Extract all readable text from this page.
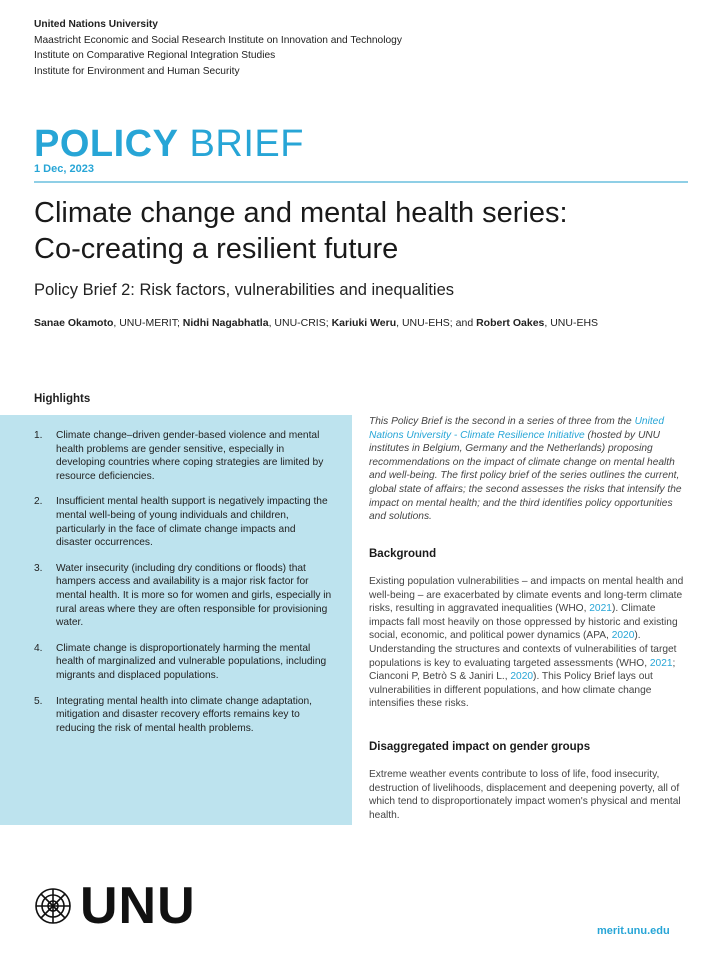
United Nations University
Maastricht Economic and Social Research Institute on Innovation and Technology
Institute on Comparative Regional Integration Studies
Institute for Environment and Human Security
POLICY BRIEF
1 Dec, 2023
Climate change and mental health series:
Co-creating a resilient future
Policy Brief 2: Risk factors, vulnerabilities and inequalities
Sanae Okamoto, UNU-MERIT; Nidhi Nagabhatla, UNU-CRIS; Kariuki Weru, UNU-EHS; and Robert Oakes, UNU-EHS
Highlights
1. Climate change–driven gender-based violence and mental health problems are gender sensitive, especially in developing countries where coping strategies are limited by resource deficiencies.
2. Insufficient mental health support is negatively impacting the mental well-being of young individuals and children, particularly in the face of climate change impacts and disaster occurrences.
3. Water insecurity (including dry conditions or floods) that hampers access and availability is a major risk factor for mental health. It is more so for women and girls, especially in rural areas where they are often responsible for provisioning water.
4. Climate change is disproportionately harming the mental health of marginalized and vulnerable populations, including migrants and displaced populations.
5. Integrating mental health into climate change adaptation, mitigation and disaster recovery efforts remains key to reducing the risk of mental health problems.
This Policy Brief is the second in a series of three from the United Nations University - Climate Resilience Initiative (hosted by UNU institutes in Belgium, Germany and the Netherlands) proposing recommendations on the impact of climate change on mental health and well-being. The first policy brief of the series outlines the current, global state of affairs; the second assesses the risks that intensify the impact on mental health; and the third identifies policy opportunities and solutions.
Background
Existing population vulnerabilities – and impacts on mental health and well-being – are exacerbated by climate events and long-term climate risks, resulting in aggravated inequalities (WHO, 2021). Climate impacts fall most heavily on those oppressed by historic and existing social, economic, and political power dynamics (APA, 2020). Understanding the structures and contexts of vulnerabilities of target populations is key to evaluating targeted assessments (WHO, 2021; Cianconi P, Betrò S & Janiri L., 2020). This Policy Brief lays out vulnerabilities in different populations, and how climate change intensifies these risks.
Disaggregated impact on gender groups
Extreme weather events contribute to loss of life, food insecurity, destruction of livelihoods, displacement and deepening poverty, all of which tend to disproportionately impact women's physical and mental health.
UNU	merit.unu.edu
